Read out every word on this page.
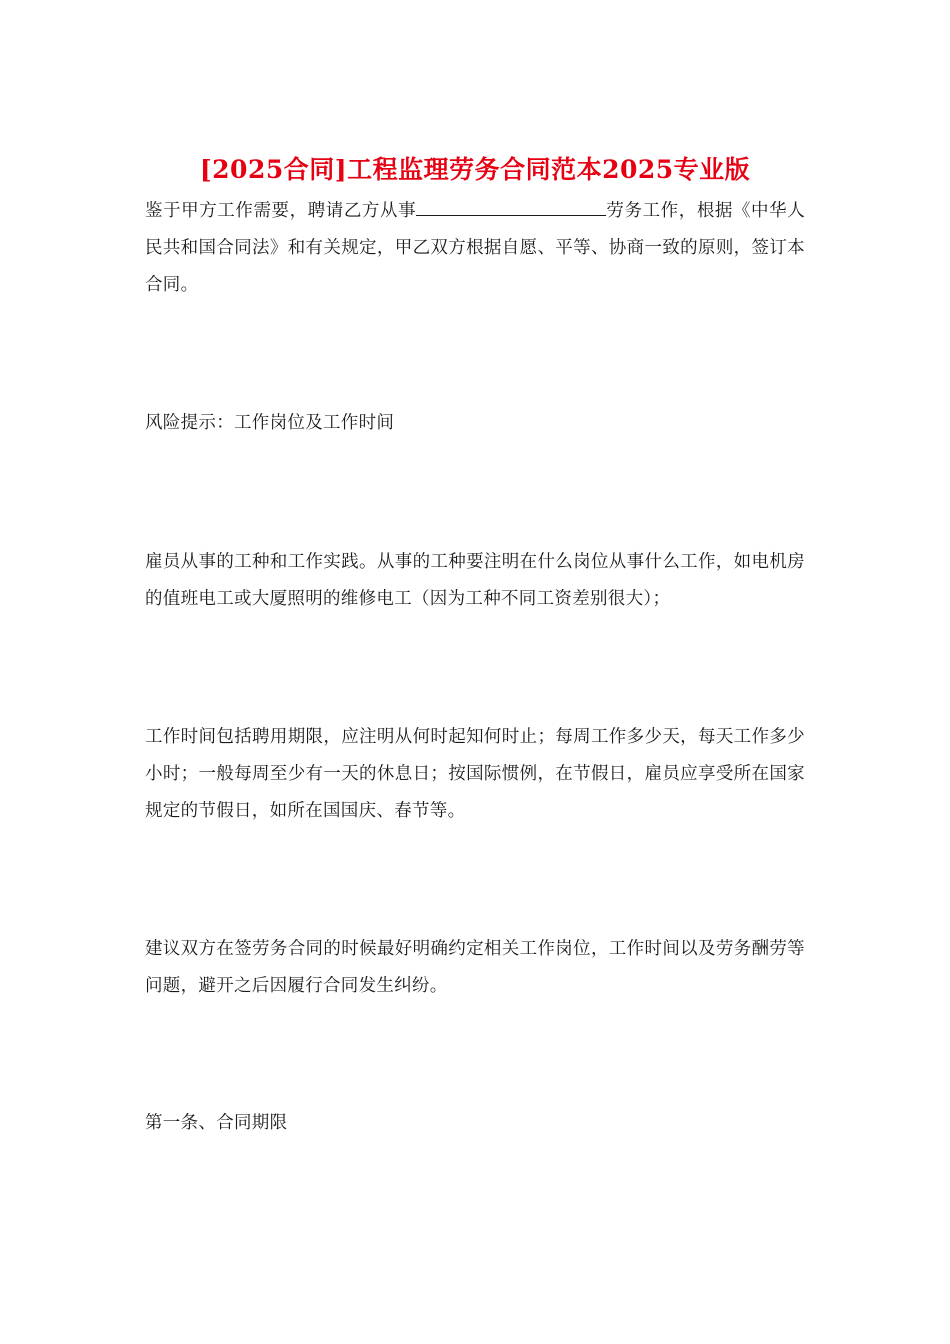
[2025合同]工程监理劳务合同范本2025专业版

鉴于甲方工作需要，聘请乙方从事	劳务工作，根据《中华人民共和国合同法》和有关规定，甲乙双方根据自愿、平等、协商一致的原则，签订本合同。

风险提示：工作岗位及工作时间

雇员从事的工种和工作实践。从事的工种要注明在什么岗位从事什么工作，如电机房的值班电工或大厦照明的维修电工（因为工种不同工资差别很大）；

工作时间包括聘用期限，应注明从何时起知何时止；每周工作多少天，每天工作多少小时；一般每周至少有一天的休息日；按国际惯例，在节假日，雇员应享受所在国家规定的节假日，如所在国国庆、春节等。

建议双方在签劳务合同的时候最好明确约定相关工作岗位，工作时间以及劳务酬劳等问题，避开之后因履行合同发生纠纷。

第一条、合同期限
